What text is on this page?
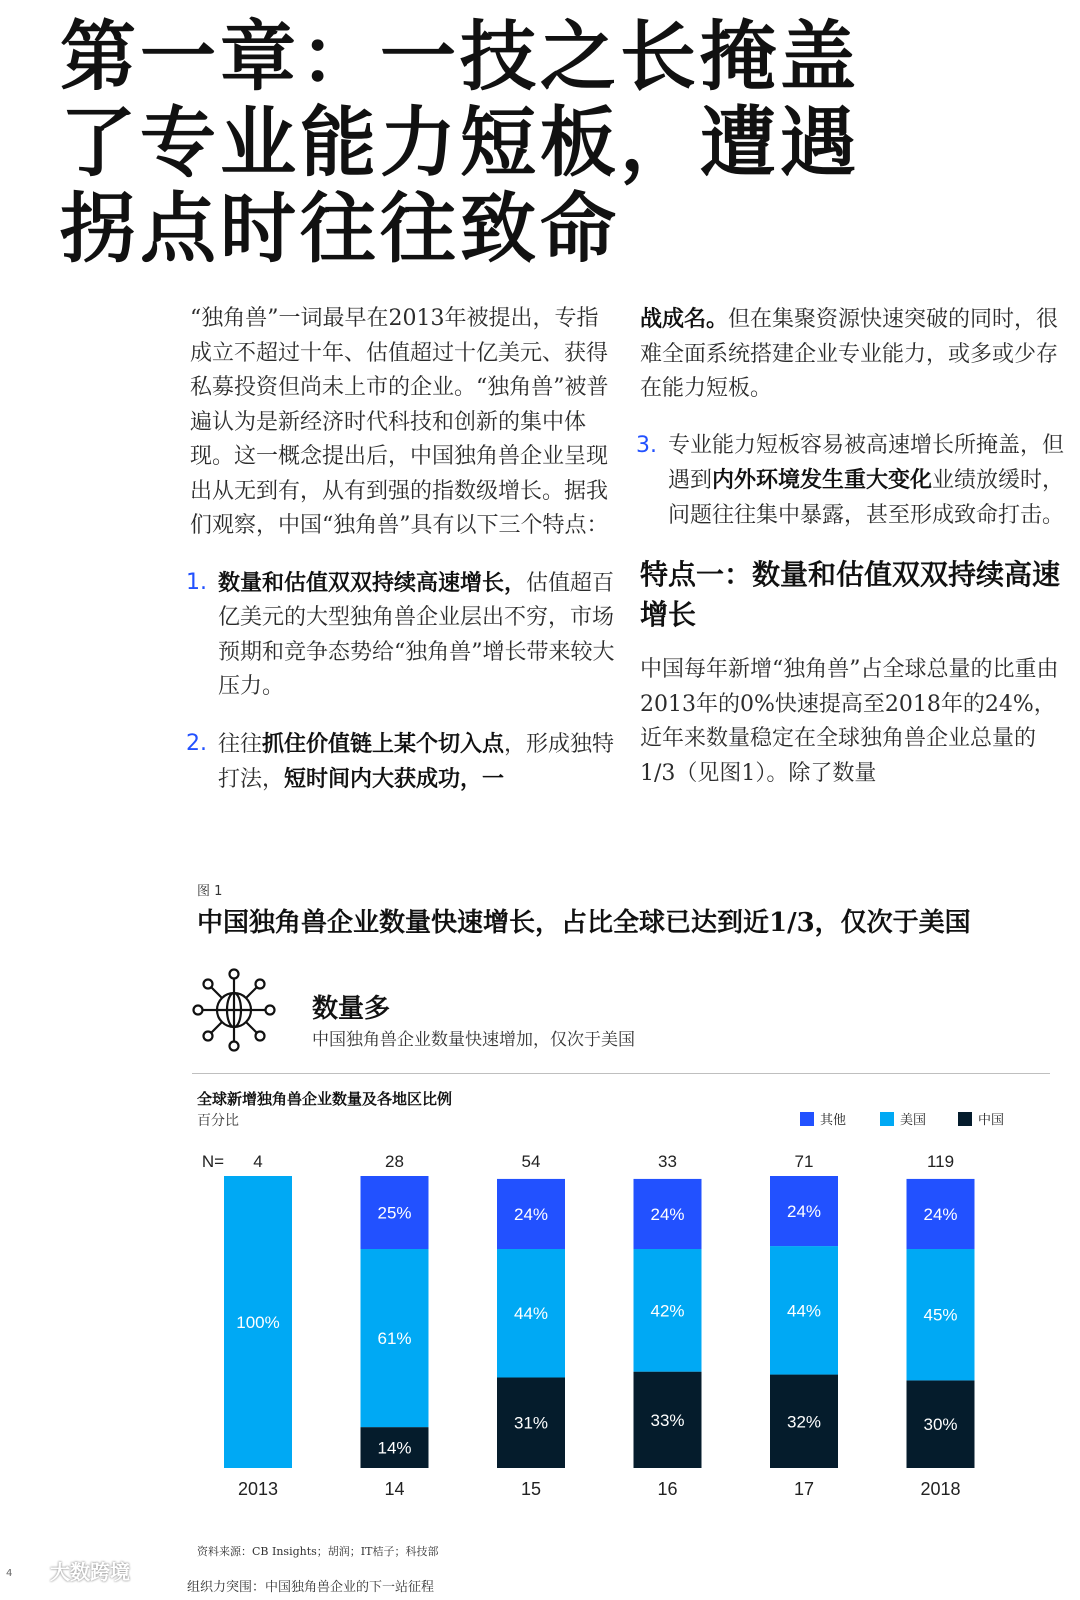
第一章：一技之长掩盖了专业能力短板，遭遇拐点时往往致命

“独角兽”一词最早在2013年被提出，专指成立不超过十年、估值超过十亿美元、获得私募投资但尚未上市的企业。“独角兽”被普遍认为是新经济时代科技和创新的集中体现。这一概念提出后，中国独角兽企业呈现出从无到有，从有到强的指数级增长。据我们观察，中国“独角兽”具有以下三个特点：

1. 数量和估值双双持续高速增长，估值超百亿美元的大型独角兽企业层出不穷，市场预期和竞争态势给“独角兽”增长带来较大压力。
2. 往往抓住价值链上某个切入点，形成独特打法，短时间内大获成功，一

战成名。但在集聚资源快速突破的同时，很难全面系统搭建企业专业能力，或多或少存在能力短板。

3. 专业能力短板容易被高速增长所掩盖，但遇到内外环境发生重大变化业绩放缓时，问题往往集中暴露，甚至形成致命打击。
特点一：数量和估值双双持续高速增长

中国每年新增“独角兽”占全球总量的比重由2013年的0%快速提高至2018年的24%，近年来数量稳定在全球独角兽企业总量的1/3（见图1）。除了数量

图 1
中国独角兽企业数量快速增长，占比全球已达到近1/3，仅次于美国
数量多
中国独角兽企业数量快速增加，仅次于美国
全球新增独角兽企业数量及各地区比例
百分比
N=
100%
4
2013
14%
61%
25%
28
14
31%
44%
24%
54
15
33%
42%
24%
33
16
32%
44%
24%
71
17
30%
45%
24%
119
2018
其他	美国	中国
资料来源：CB Insights；胡润；IT桔子；科技部
大数跨境
4
组织力突围：中国独角兽企业的下一站征程
